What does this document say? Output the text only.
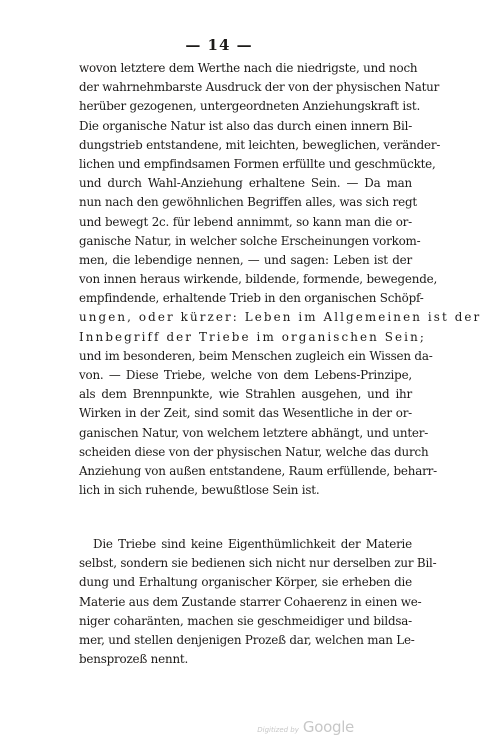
— 14 —
wovon letztere dem Werthe nach die niedrigste, und noch
der wahrnehmbarste Ausdruck der von der physischen Natur
herüber gezogenen, untergeordneten Anziehungskraft ist.
Die organische Natur ist also das durch einen innern Bil-
dungstrieb entstandene, mit leichten, beweglichen, veränder-
lichen und empfindsamen Formen erfüllte und geschmückte,
und durch Wahl-Anziehung erhaltene Sein. — Da man
nun nach den gewöhnlichen Begriffen alles, was sich regt
und bewegt 2c. für lebend annimmt, so kann man die or-
ganische Natur, in welcher solche Erscheinungen vorkom-
men, die lebendige nennen, — und sagen: Leben ist der
von innen heraus wirkende, bildende, formende, bewegende,
empfindende, erhaltende Trieb in den organischen Schöpf-
ungen, oder kürzer: Leben im Allgemeinen ist der
Innbegriff der Triebe im organischen Sein;
und im besonderen, beim Menschen zugleich ein Wissen da-
von. — Diese Triebe, welche von dem Lebens-Prinzipe,
als dem Brennpunkte, wie Strahlen ausgehen, und ihr
Wirken in der Zeit, sind somit das Wesentliche in der or-
ganischen Natur, von welchem letztere abhängt, und unter-
scheiden diese von der physischen Natur, welche das durch
Anziehung von außen entstandene, Raum erfüllende, beharr-
lich in sich ruhende, bewußtlose Sein ist.
Die Triebe sind keine Eigenthümlichkeit der Materie
selbst, sondern sie bedienen sich nicht nur derselben zur Bil-
dung und Erhaltung organischer Körper, sie erheben die
Materie aus dem Zustande starrer Cohaerenz in einen we-
niger coharänten, machen sie geschmeidiger und bildsa-
mer, und stellen denjenigen Prozeß dar, welchen man Le-
bensprozeß nennt.
Digitized by Google
